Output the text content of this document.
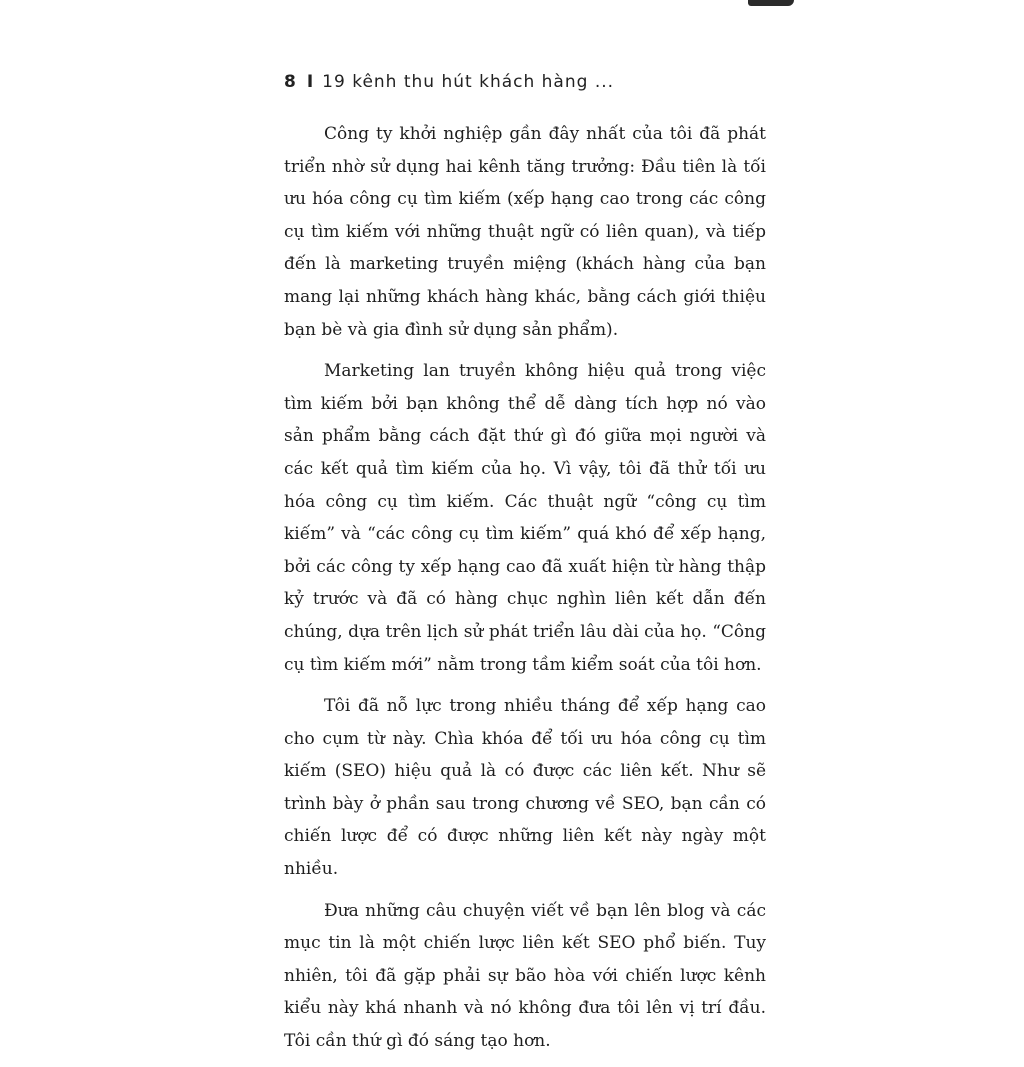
8 I 19 kênh thu hút khách hàng ...

Công ty khởi nghiệp gần đây nhất của tôi đã phát triển nhờ sử dụng hai kênh tăng trưởng: Đầu tiên là tối ưu hóa công cụ tìm kiếm (xếp hạng cao trong các công cụ tìm kiếm với những thuật ngữ có liên quan), và tiếp đến là marketing truyền miệng (khách hàng của bạn mang lại những khách hàng khác, bằng cách giới thiệu bạn bè và gia đình sử dụng sản phẩm).

Marketing lan truyền không hiệu quả trong việc tìm kiếm bởi bạn không thể dễ dàng tích hợp nó vào sản phẩm bằng cách đặt thứ gì đó giữa mọi người và các kết quả tìm kiếm của họ. Vì vậy, tôi đã thử tối ưu hóa công cụ tìm kiếm. Các thuật ngữ “công cụ tìm kiếm” và “các công cụ tìm kiếm” quá khó để xếp hạng, bởi các công ty xếp hạng cao đã xuất hiện từ hàng thập kỷ trước và đã có hàng chục nghìn liên kết dẫn đến chúng, dựa trên lịch sử phát triển lâu dài của họ. “Công cụ tìm kiếm mới” nằm trong tầm kiểm soát của tôi hơn.

Tôi đã nỗ lực trong nhiều tháng để xếp hạng cao cho cụm từ này. Chìa khóa để tối ưu hóa công cụ tìm kiếm (SEO) hiệu quả là có được các liên kết. Như sẽ trình bày ở phần sau trong chương về SEO, bạn cần có chiến lược để có được những liên kết này ngày một nhiều.

Đưa những câu chuyện viết về bạn lên blog và các mục tin là một chiến lược liên kết SEO phổ biến. Tuy nhiên, tôi đã gặp phải sự bão hòa với chiến lược kênh kiểu này khá nhanh và nó không đưa tôi lên vị trí đầu. Tôi cần thứ gì đó sáng tạo hơn.
